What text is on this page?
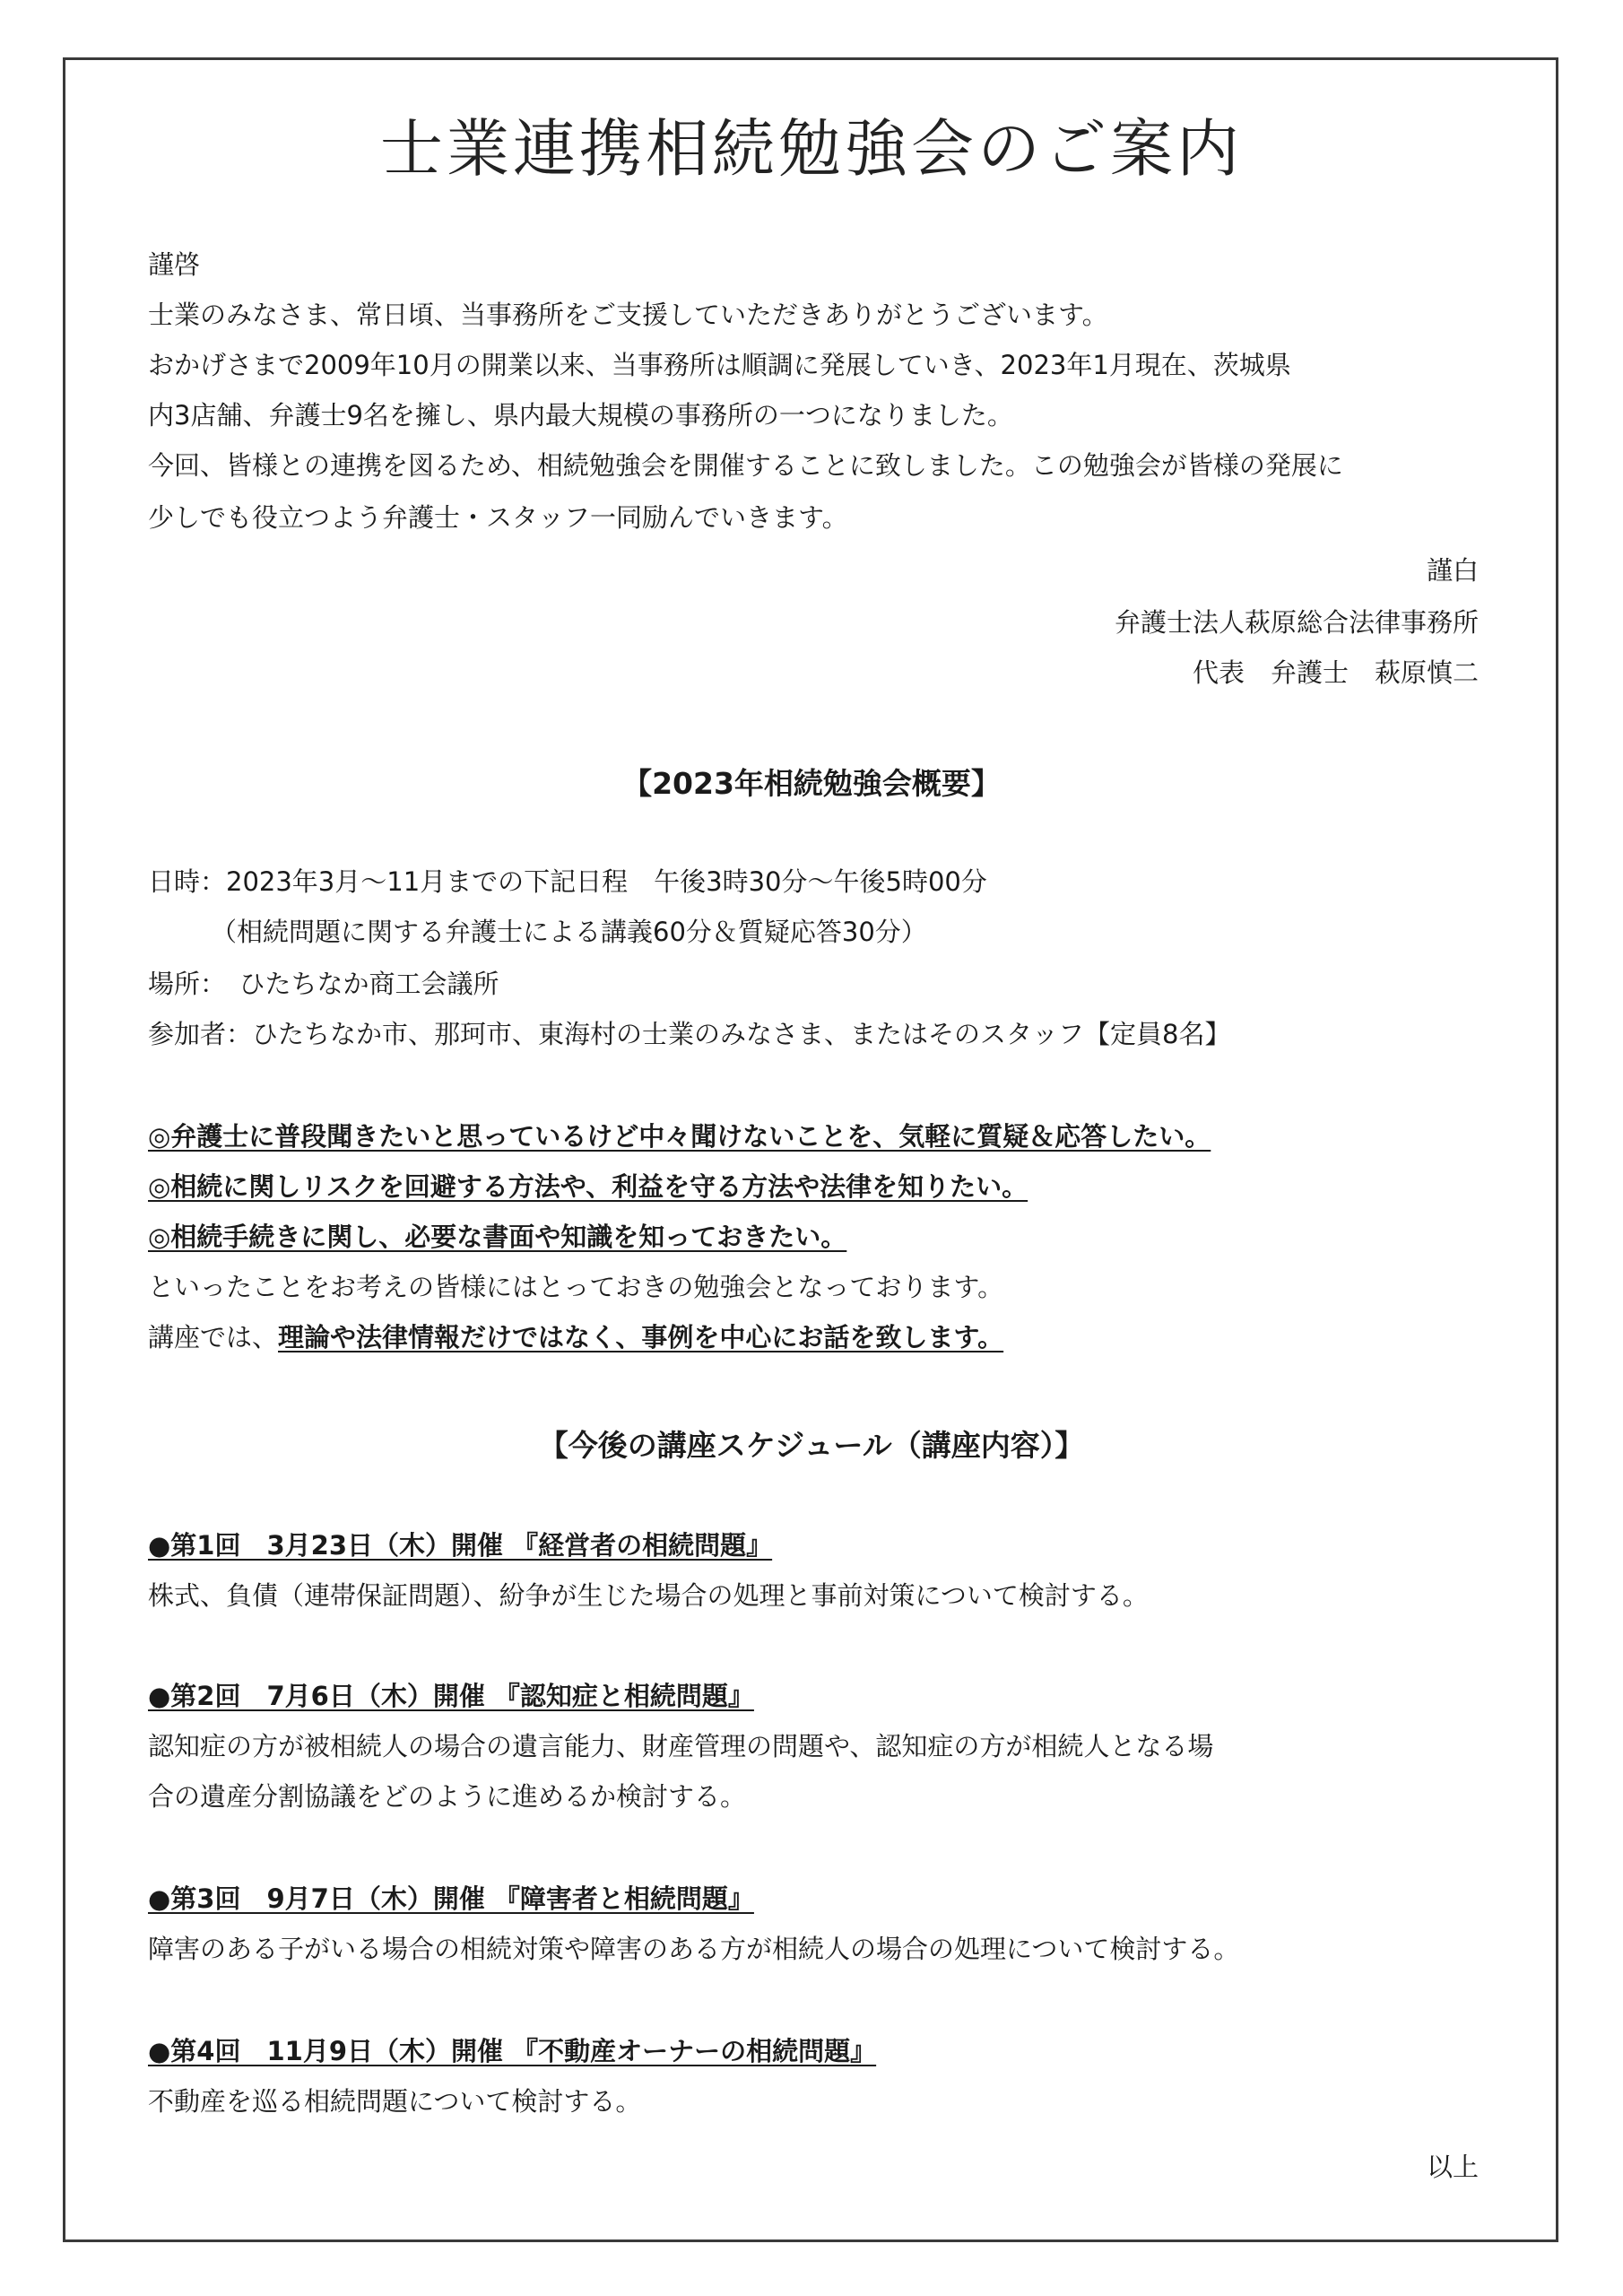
士業連携相続勉強会のご案内
謹啓
士業のみなさま、常日頃、当事務所をご支援していただきありがとうございます。
おかげさまで2009年10月の開業以来、当事務所は順調に発展していき、2023年1月現在、茨城県
内3店舗、弁護士9名を擁し、県内最大規模の事務所の一つになりました。
今回、皆様との連携を図るため、相続勉強会を開催することに致しました。この勉強会が皆様の発展に
少しでも役立つよう弁護士・スタッフ一同励んでいきます。
謹白
弁護士法人萩原総合法律事務所
代表　弁護士　萩原慎二
【2023年相続勉強会概要】
日時：2023年3月～11月までの下記日程　午後3時30分～午後5時00分
（相続問題に関する弁護士による講義60分＆質疑応答30分）
場所：　ひたちなか商工会議所
参加者：ひたちなか市、那珂市、東海村の士業のみなさま、またはそのスタッフ【定員8名】
◎弁護士に普段聞きたいと思っているけど中々聞けないことを、気軽に質疑＆応答したい。
◎相続に関しリスクを回避する方法や、利益を守る方法や法律を知りたい。
◎相続手続きに関し、必要な書面や知識を知っておきたい。
といったことをお考えの皆様にはとっておきの勉強会となっております。
講座では、理論や法律情報だけではなく、事例を中心にお話を致します。
【今後の講座スケジュール（講座内容）】
●第1回　3月23日（木）開催 『経営者の相続問題』
株式、負債（連帯保証問題）、紛争が生じた場合の処理と事前対策について検討する。
●第2回　7月6日（木）開催 『認知症と相続問題』
認知症の方が被相続人の場合の遺言能力、財産管理の問題や、認知症の方が相続人となる場
合の遺産分割協議をどのように進めるか検討する。
●第3回　9月7日（木）開催 『障害者と相続問題』
障害のある子がいる場合の相続対策や障害のある方が相続人の場合の処理について検討する。
●第4回　11月9日（木）開催 『不動産オーナーの相続問題』
不動産を巡る相続問題について検討する。
以上
